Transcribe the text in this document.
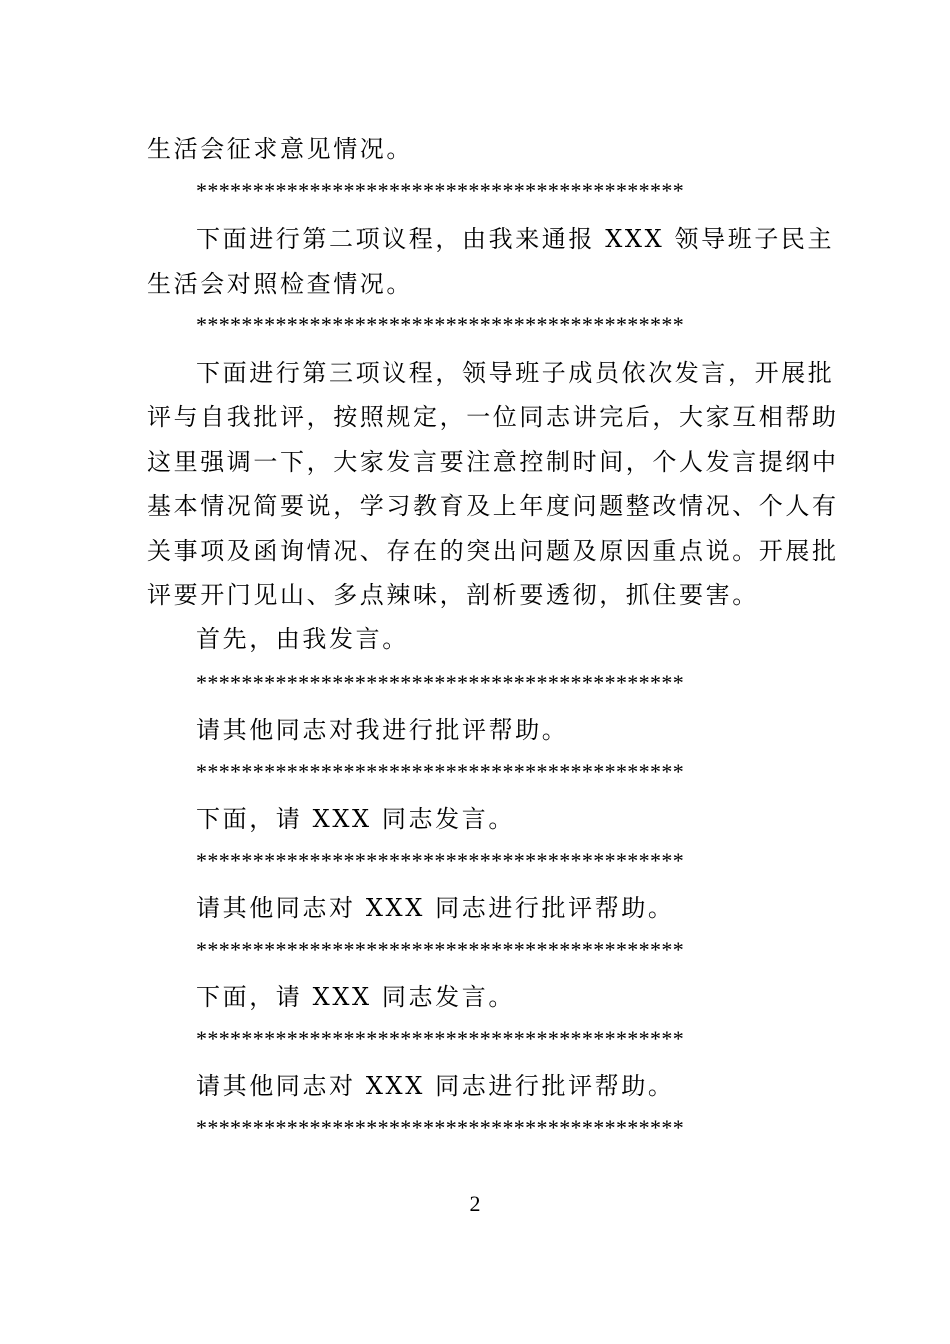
生活会征求意见情况。
*******************************************
下面进行第二项议程，由我来通报 XXX 领导班子民主
生活会对照检查情况。
*******************************************
下面进行第三项议程，领导班子成员依次发言，开展批
评与自我批评，按照规定，一位同志讲完后，大家互相帮助
这里强调一下，大家发言要注意控制时间，个人发言提纲中
基本情况简要说，学习教育及上年度问题整改情况、个人有
关事项及函询情况、存在的突出问题及原因重点说。开展批
评要开门见山、多点辣味，剖析要透彻，抓住要害。
首先，由我发言。
*******************************************
请其他同志对我进行批评帮助。
*******************************************
下面，请 XXX 同志发言。
*******************************************
请其他同志对 XXX 同志进行批评帮助。
*******************************************
下面，请 XXX 同志发言。
*******************************************
请其他同志对 XXX 同志进行批评帮助。
*******************************************
2
